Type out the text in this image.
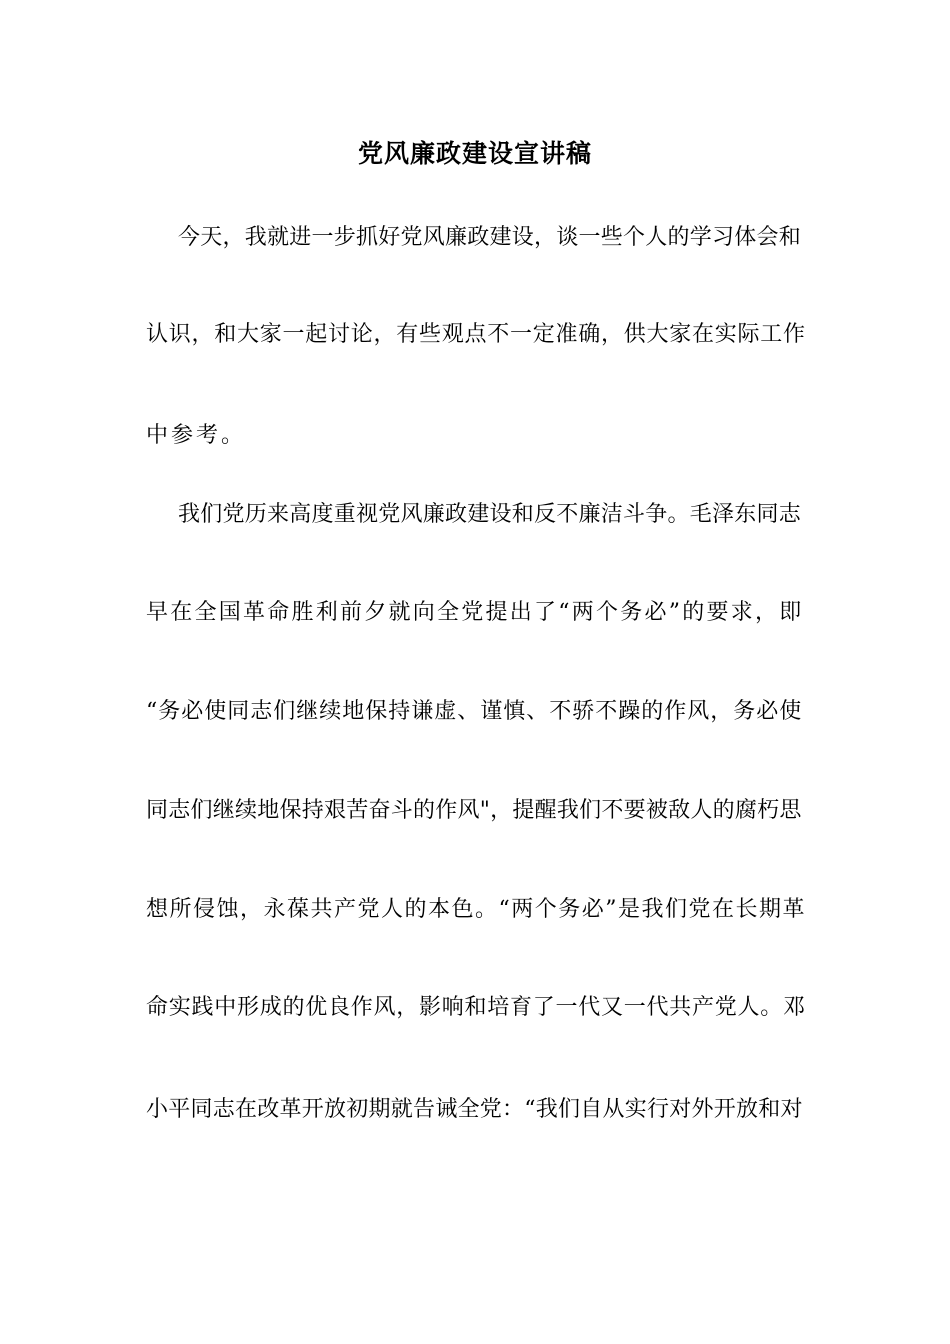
党风廉政建设宣讲稿
今天，我就进一步抓好党风廉政建设，谈一些个人的学习体会和
认识，和大家一起讨论，有些观点不一定准确，供大家在实际工作
中参考。
我们党历来高度重视党风廉政建设和反不廉洁斗争。毛泽东同志
早在全国革命胜利前夕就向全党提出了“两个务必”的要求，即
“务必使同志们继续地保持谦虚、谨慎、不骄不躁的作风，务必使
同志们继续地保持艰苦奋斗的作风"，提醒我们不要被敌人的腐朽思
想所侵蚀，永葆共产党人的本色。“两个务必”是我们党在长期革
命实践中形成的优良作风，影响和培育了一代又一代共产党人。邓
小平同志在改革开放初期就告诫全党：“我们自从实行对外开放和对
